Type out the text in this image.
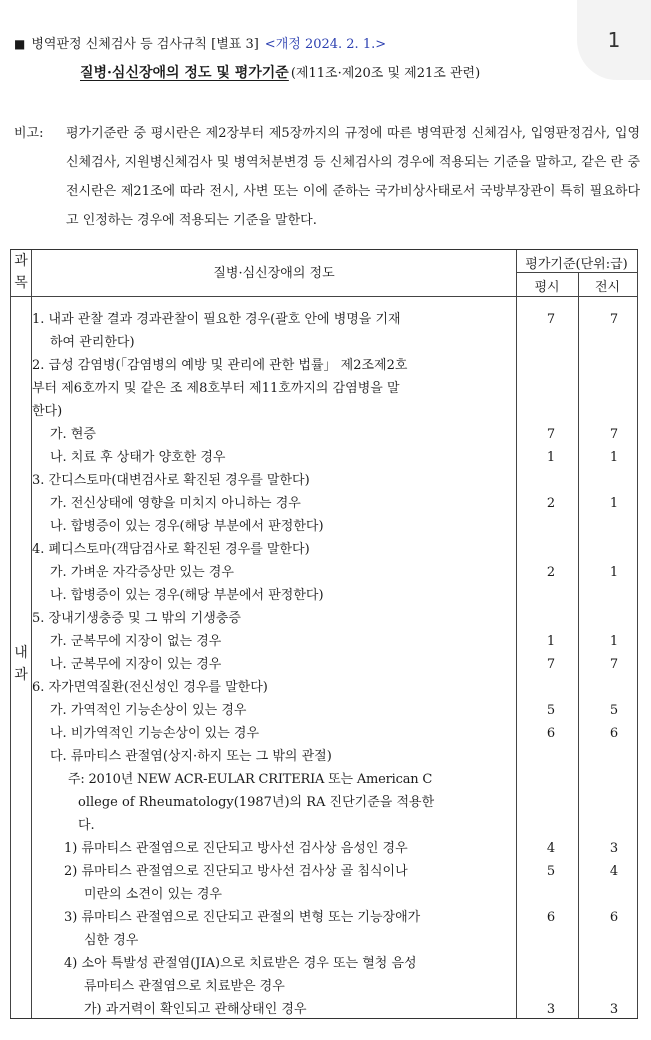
1
■ 병역판정 신체검사 등 검사규칙 [별표 3] <개정 2024. 2. 1.>
질병·심신장애의 정도 및 평가기준 (제11조·제20조 및 제21조 관련)
비고: 평가기준란 중 평시란은 제2장부터 제5장까지의 규정에 따른 병역판정 신체검사, 입영판정검사, 입영신체검사, 지원병신체검사 및 병역처분변경 등 신체검사의 경우에 적용되는 기준을 말하고, 같은 란 중 전시란은 제21조에 따라 전시, 사변 또는 이에 준하는 국가비상사태로서 국방부장관이 특히 필요하다고 인정하는 경우에 적용되는 기준을 말한다.
과
목
질병·심신장애의 정도
평가기준(단위:급)
평시	전시
내
과
1. 내과 관찰 결과 경과관찰이 필요한 경우(괄호 안에 병명을 기재	7	7
하여 관리한다)
2. 급성 감염병(「감염병의 예방 및 관리에 관한 법률」 제2조제2호
부터 제6호까지 및 같은 조 제8호부터 제11호까지의 감염병을 말
한다)
가. 현증	7	7
나. 치료 후 상태가 양호한 경우	1	1
3. 간디스토마(대변검사로 확진된 경우를 말한다)
가. 전신상태에 영향을 미치지 아니하는 경우	2	1
나. 합병증이 있는 경우(해당 부분에서 판정한다)
4. 폐디스토마(객담검사로 확진된 경우를 말한다)
가. 가벼운 자각증상만 있는 경우	2	1
나. 합병증이 있는 경우(해당 부분에서 판정한다)
5. 장내기생충증 및 그 밖의 기생충증
가. 군복무에 지장이 없는 경우	1	1
나. 군복무에 지장이 있는 경우	7	7
6. 자가면역질환(전신성인 경우를 말한다)
가. 가역적인 기능손상이 있는 경우	5	5
나. 비가역적인 기능손상이 있는 경우	6	6
다. 류마티스 관절염(상지·하지 또는 그 밖의 관절)
주: 2010년 NEW ACR-EULAR CRITERIA 또는 American C
ollege of Rheumatology(1987년)의 RA 진단기준을 적용한
다.
1) 류마티스 관절염으로 진단되고 방사선 검사상 음성인 경우	4	3
2) 류마티스 관절염으로 진단되고 방사선 검사상 골 침식이나	5	4
미란의 소견이 있는 경우
3) 류마티스 관절염으로 진단되고 관절의 변형 또는 기능장애가	6	6
심한 경우
4) 소아 특발성 관절염(JIA)으로 치료받은 경우 또는 혈청 음성
류마티스 관절염으로 치료받은 경우
가) 과거력이 확인되고 관해상태인 경우	3	3
